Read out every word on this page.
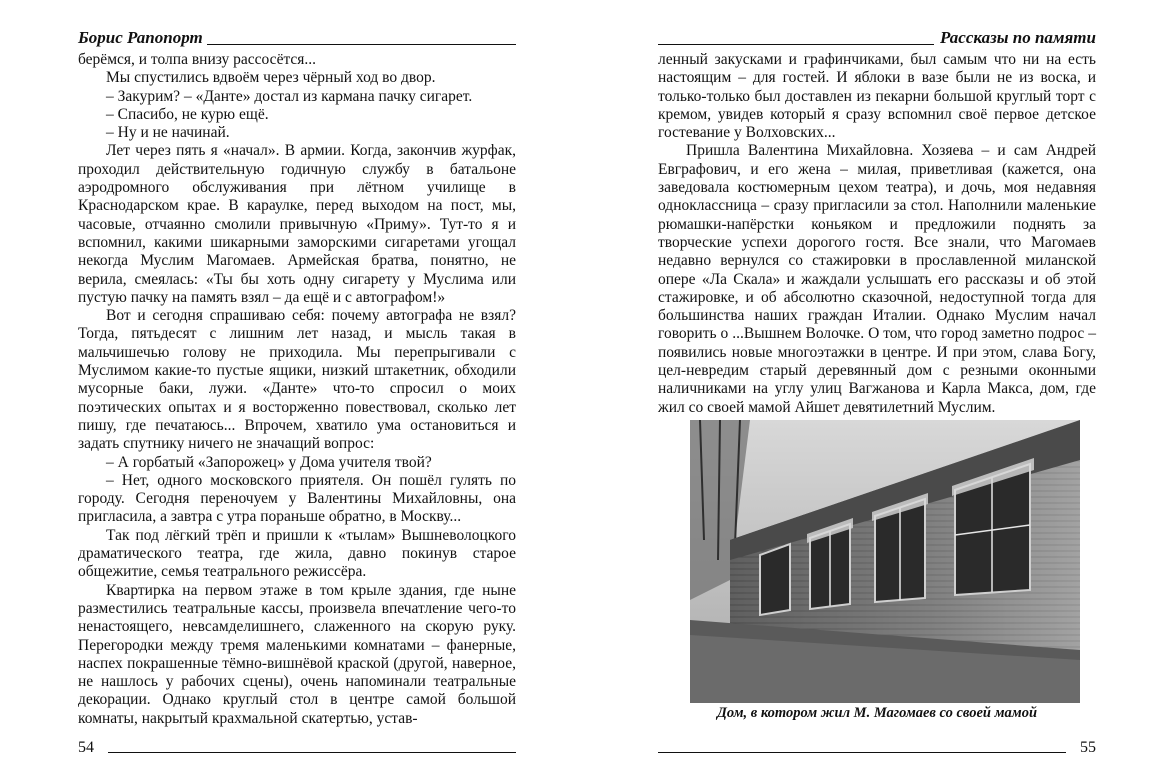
Борис Рапопорт

берёмся, и толпа внизу рассосётся...

Мы спустились вдвоём через чёрный ход во двор.

– Закурим? – «Данте» достал из кармана пачку сигарет.

– Спасибо, не курю ещё.

– Ну и не начинай.

Лет через пять я «начал». В армии. Когда, закончив журфак, проходил действительную годичную службу в батальоне аэродромного обслуживания при лётном училище в Краснодарском крае. В караулке, перед выходом на пост, мы, часовые, отчаянно смолили привычную «Приму». Тут-то я и вспомнил, какими шикарными заморскими сигаретами угощал некогда Муслим Магомаев. Армейская братва, понятно, не верила, смеялась: «Ты бы хоть одну сигарету у Муслима или пустую пачку на память взял – да ещё и с автографом!»

Вот и сегодня спрашиваю себя: почему автографа не взял? Тогда, пятьдесят с лишним лет назад, и мысль такая в мальчишечью голову не приходила. Мы перепрыгивали с Муслимом какие-то пустые ящики, низкий штакетник, обходили мусорные баки, лужи. «Данте» что-то спросил о моих поэтических опытах и я восторженно повествовал, сколько лет пишу, где печатаюсь... Впрочем, хватило ума остановиться и задать спутнику ничего не значащий вопрос:

– А горбатый «Запорожец» у Дома учителя твой?

– Нет, одного московского приятеля. Он пошёл гулять по городу. Сегодня переночуем у Валентины Михайловны, она пригласила, а завтра с утра пораньше обратно, в Москву...

Так под лёгкий трёп и пришли к «тылам» Вышневолоцкого драматического театра, где жила, давно покинув старое общежитие, семья театрального режиссёра.

Квартирка на первом этаже в том крыле здания, где ныне разместились театральные кассы, произвела впечатление чего-то ненастоящего, невсамделишнего, слаженного на скорую руку. Перегородки между тремя маленькими комнатами – фанерные, наспех покрашенные тёмно-вишнёвой краской (другой, наверное, не нашлось у рабочих сцены), очень напоминали театральные декорации. Однако круглый стол в центре самой большой комнаты, накрытый крахмальной скатертью, устав-

54
Рассказы по памяти

ленный закусками и графинчиками, был самым что ни на есть настоящим – для гостей. И яблоки в вазе были не из воска, и только-только был доставлен из пекарни большой круглый торт с кремом, увидев который я сразу вспомнил своё первое детское гостевание у Волховских...

Пришла Валентина Михайловна. Хозяева – и сам Андрей Евграфович, и его жена – милая, приветливая (кажется, она заведовала костюмерным цехом театра), и дочь, моя недавняя одноклассница – сразу пригласили за стол. Наполнили маленькие рюмашки-напёрстки коньяком и предложили поднять за творческие успехи дорогого гостя. Все знали, что Магомаев недавно вернулся со стажировки в прославленной миланской опере «Ла Скала» и жаждали услышать его рассказы и об этой стажировке, и об абсолютно сказочной, недоступной тогда для большинства наших граждан Италии. Однако Муслим начал говорить о ...Вышнем Волочке. О том, что город заметно подрос – появились новые многоэтажки в центре. И при этом, слава Богу, цел-невредим старый деревянный дом с резными оконными наличниками на углу улиц Вагжанова и Карла Макса, дом, где жил со своей мамой Айшет девятилетний Муслим.

Дом, в котором жил М. Магомаев со своей мамой
55
